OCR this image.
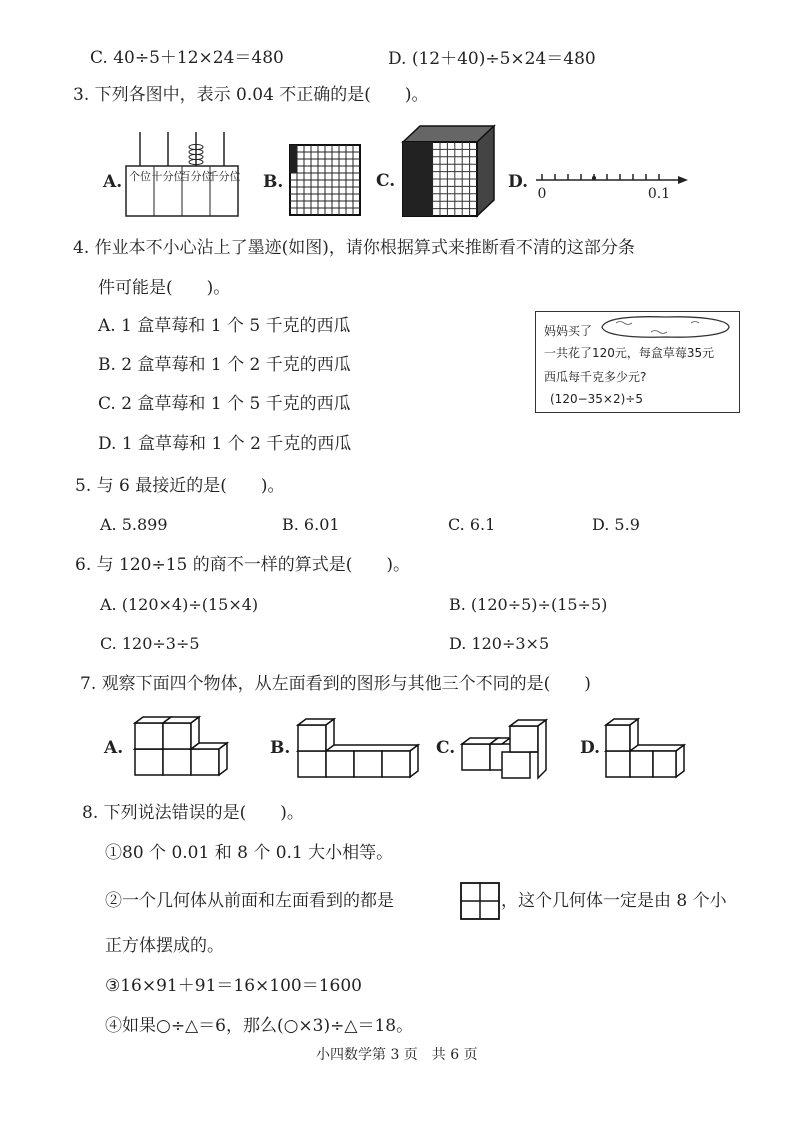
C. 40÷5＋12×24＝480	D. (12＋40)÷5×24＝480
3. 下列各图中，表示 0.04 不正确的是(　　)。
A. 个位 十分位
百分位
千分位 B.	C.	D.
0	0.1
4. 作业本不小心沾上了墨迹(如图)，请你根据算式来推断看不清的这部分条
件可能是(　　)。
A. 1 盒草莓和 1 个 5 千克的西瓜
B. 2 盒草莓和 1 个 2 千克的西瓜
C. 2 盒草莓和 1 个 5 千克的西瓜
D. 1 盒草莓和 1 个 2 千克的西瓜
妈妈买了
一共花了120元，每盒草莓35元
西瓜每千克多少元?
(120−35×2)÷5
5. 与 6 最接近的是(　　)。
A. 5.899	B. 6.01	C. 6.1	D. 5.9
6. 与 120÷15 的商不一样的算式是(　　)。
A. (120×4)÷(15×4)	B. (120÷5)÷(15÷5)
C. 120÷3÷5	D. 120÷3×5
7. 观察下面四个物体，从左面看到的图形与其他三个不同的是(　　)
A.	B.	C.	D.
8. 下列说法错误的是(　　)。
①80 个 0.01 和 8 个 0.1 大小相等。
②一个几何体从前面和左面看到的都是	，这个几何体一定是由 8 个小
正方体摆成的。
③16×91＋91＝16×100＝1600
④如果○÷△＝6，那么(○×3)÷△＝18。
小四数学第 3 页　共 6 页
